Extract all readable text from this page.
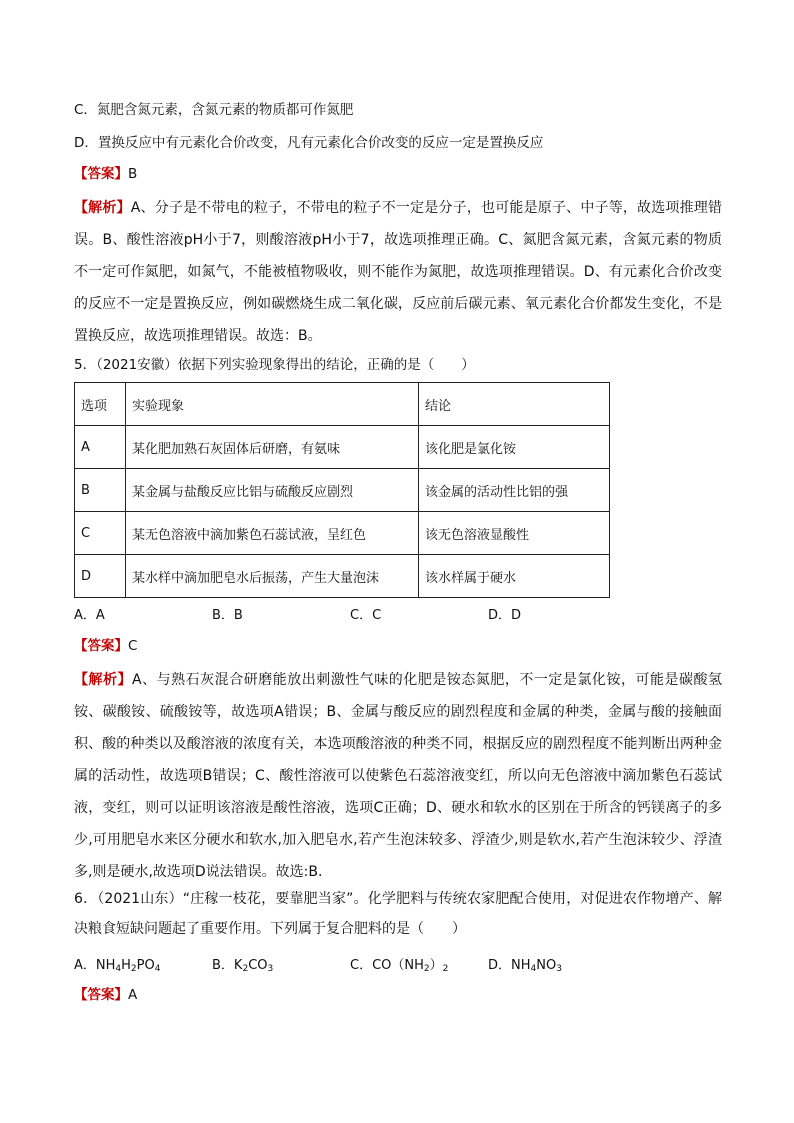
C．氮肥含氮元素，含氮元素的物质都可作氮肥
D．置换反应中有元素化合价改变，凡有元素化合价改变的反应一定是置换反应
【答案】B
【解析】A、分子是不带电的粒子，不带电的粒子不一定是分子，也可能是原子、中子等，故选项推理错误。B、酸性溶液pH小于7，则酸溶液pH小于7，故选项推理正确。C、氮肥含氮元素，含氮元素的物质不一定可作氮肥，如氮气，不能被植物吸收，则不能作为氮肥，故选项推理错误。D、有元素化合价改变的反应不一定是置换反应，例如碳燃烧生成二氧化碳，反应前后碳元素、氧元素化合价都发生变化，不是置换反应，故选项推理错误。故选：B。
5．（2021安徽）依据下列实验现象得出的结论，正确的是（　　）
选项	实验现象	结论
A	某化肥加熟石灰固体后研磨，有氨味	该化肥是氯化铵
B	某金属与盐酸反应比铝与硫酸反应剧烈	该金属的活动性比铝的强
C	某无色溶液中滴加紫色石蕊试液，呈红色	该无色溶液显酸性
D	某水样中滴加肥皂水后振荡，产生大量泡沫	该水样属于硬水
A．A	B．B	C．C	D．D
【答案】C
【解析】A、与熟石灰混合研磨能放出刺激性气味的化肥是铵态氮肥，不一定是氯化铵，可能是碳酸氢铵、碳酸铵、硫酸铵等，故选项A错误；B、金属与酸反应的剧烈程度和金属的种类，金属与酸的接触面积、酸的种类以及酸溶液的浓度有关，本选项酸溶液的种类不同，根据反应的剧烈程度不能判断出两种金属的活动性，故选项B错误；C、酸性溶液可以使紫色石蕊溶液变红，所以向无色溶液中滴加紫色石蕊试液，变红，则可以证明该溶液是酸性溶液，选项C正确；D、硬水和软水的区别在于所含的钙镁离子的多少,可用肥皂水来区分硬水和软水,加入肥皂水,若产生泡沫较多、浮渣少,则是软水,若产生泡沫较少、浮渣多,则是硬水,故选项D说法错误。故选:B.
6．（2021山东）“庄稼一枝花，要靠肥当家”。化学肥料与传统农家肥配合使用，对促进农作物增产、解决粮食短缺问题起了重要作用。下列属于复合肥料的是（　　）
A．$NH_4H_2PO_4$	B．$K_2CO_3$	C．$CO(NH_2)_2$	D．$NH_4NO_3$
【答案】A
